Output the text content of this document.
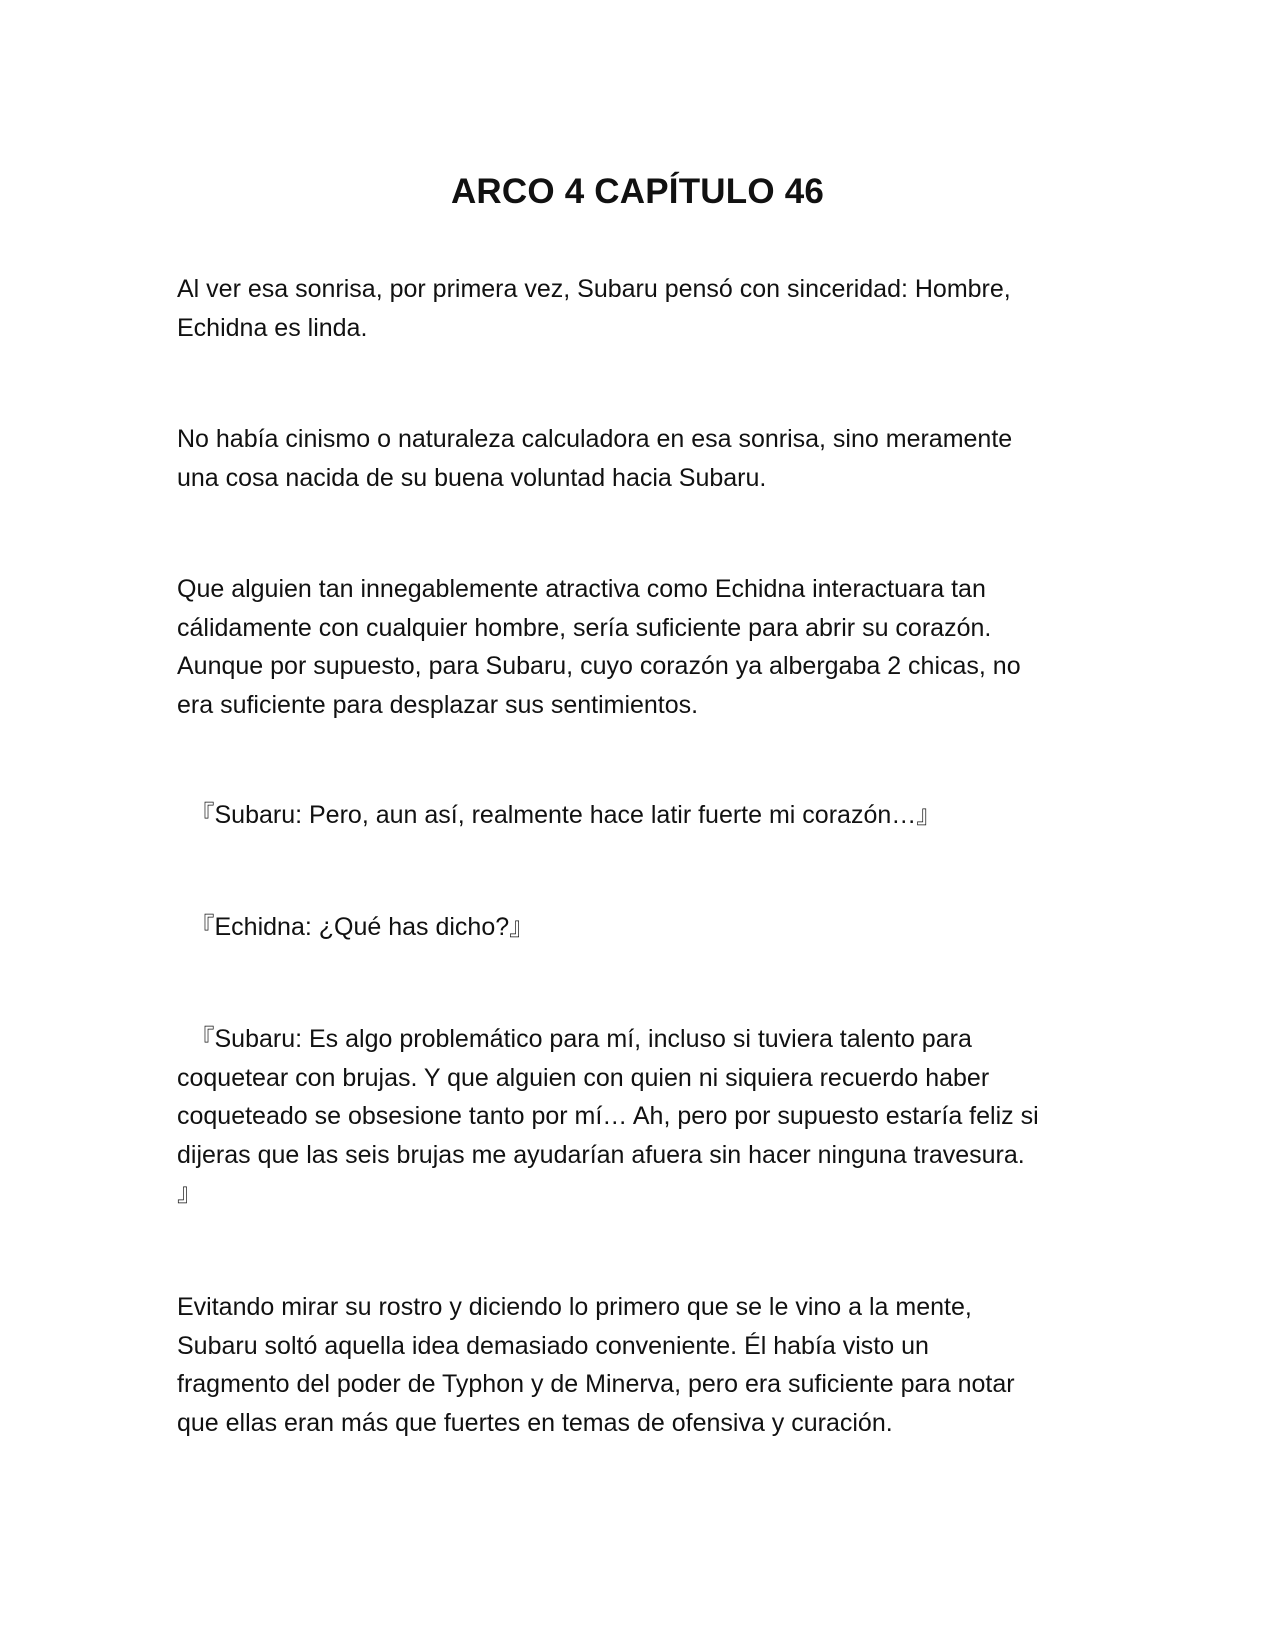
ARCO 4 CAPÍTULO 46

Al ver esa sonrisa, por primera vez, Subaru pensó con sinceridad: Hombre,
Echidna es linda.

No había cinismo o naturaleza calculadora en esa sonrisa, sino meramente
una cosa nacida de su buena voluntad hacia Subaru.

Que alguien tan innegablemente atractiva como Echidna interactuara tan
cálidamente con cualquier hombre, sería suficiente para abrir su corazón.
Aunque por supuesto, para Subaru, cuyo corazón ya albergaba 2 chicas, no
era suficiente para desplazar sus sentimientos.

　『Subaru: Pero, aun así, realmente hace latir fuerte mi corazón…』

　『Echidna: ¿Qué has dicho?』

　『Subaru: Es algo problemático para mí, incluso si tuviera talento para
coquetear con brujas. Y que alguien con quien ni siquiera recuerdo haber
coqueteado se obsesione tanto por mí… Ah, pero por supuesto estaría feliz si
dijeras que las seis brujas me ayudarían afuera sin hacer ninguna travesura.
』

Evitando mirar su rostro y diciendo lo primero que se le vino a la mente,
Subaru soltó aquella idea demasiado conveniente. Él había visto un
fragmento del poder de Typhon y de Minerva, pero era suficiente para notar
que ellas eran más que fuertes en temas de ofensiva y curación.
